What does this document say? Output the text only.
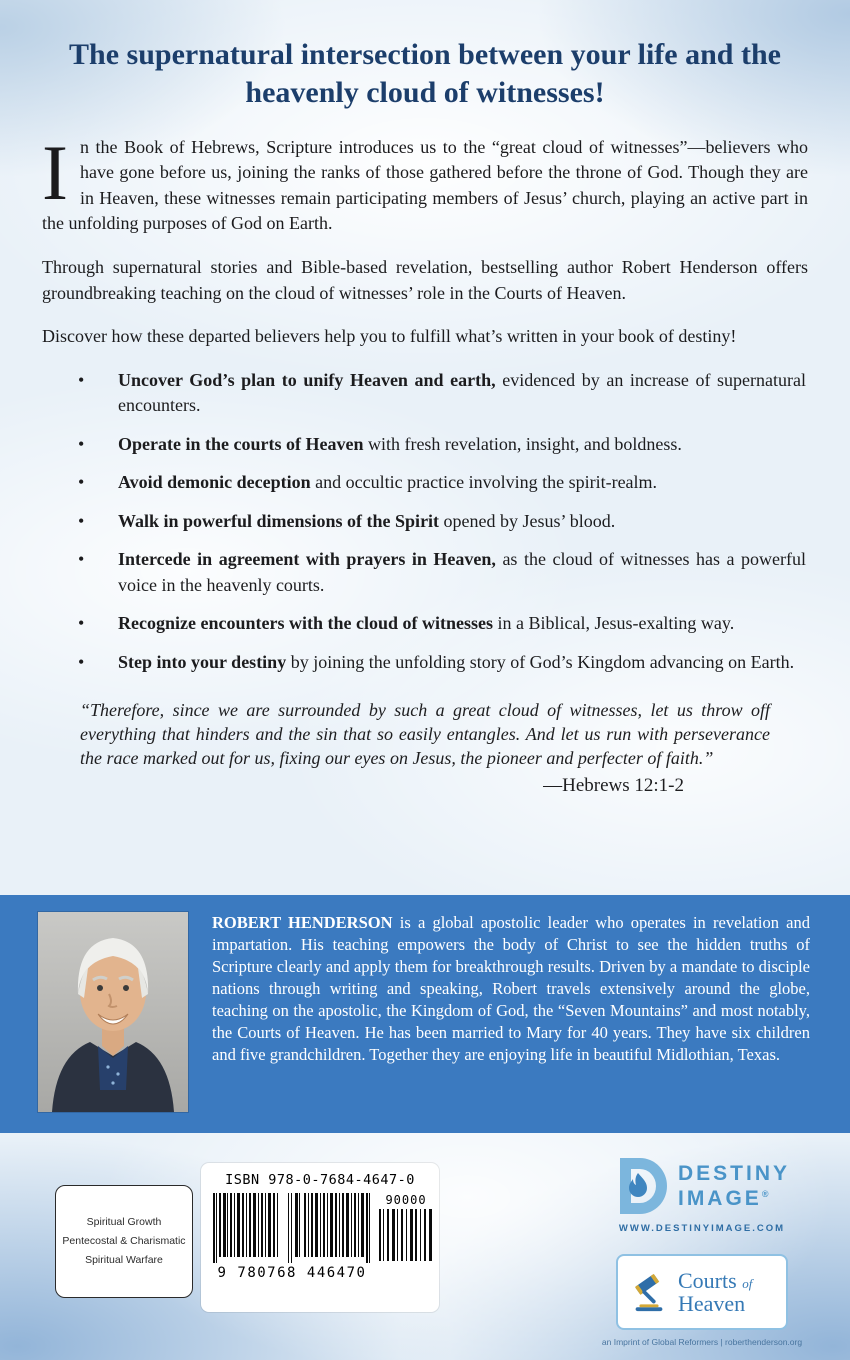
The supernatural intersection between your life and the heavenly cloud of witnesses!

In the Book of Hebrews, Scripture introduces us to the “great cloud of witnesses”—believers who have gone before us, joining the ranks of those gathered before the throne of God. Though they are in Heaven, these witnesses remain participating members of Jesus’ church, playing an active part in the unfolding purposes of God on Earth.

Through supernatural stories and Bible-based revelation, bestselling author Robert Henderson offers groundbreaking teaching on the cloud of witnesses’ role in the Courts of Heaven.

Discover how these departed believers help you to fulfill what’s written in your book of destiny!

• Uncover God’s plan to unify Heaven and earth, evidenced by an increase of supernatural encounters.
• Operate in the courts of Heaven with fresh revelation, insight, and boldness.
• Avoid demonic deception and occultic practice involving the spirit-realm.
• Walk in powerful dimensions of the Spirit opened by Jesus’ blood.
• Intercede in agreement with prayers in Heaven, as the cloud of witnesses has a powerful voice in the heavenly courts.
• Recognize encounters with the cloud of witnesses in a Biblical, Jesus-exalting way.
• Step into your destiny by joining the unfolding story of God’s Kingdom advancing on Earth.

“Therefore, since we are surrounded by such a great cloud of witnesses, let us throw off everything that hinders and the sin that so easily entangles. And let us run with perseverance the race marked out for us, fixing our eyes on Jesus, the pioneer and perfecter of faith.”

—Hebrews 12:1-2

ROBERT HENDERSON is a global apostolic leader who operates in revelation and impartation. His teaching empowers the body of Christ to see the hidden truths of Scripture clearly and apply them for breakthrough results. Driven by a mandate to disciple nations through writing and speaking, Robert travels extensively around the globe, teaching on the apostolic, the Kingdom of God, the “Seven Mountains” and most notably, the Courts of Heaven. He has been married to Mary for 40 years. They have six children and five grandchildren. Together they are enjoying life in beautiful Midlothian, Texas.

Spiritual Growth
Pentecostal & Charismatic
Spiritual Warfare
ISBN 978-0-7684-4647-0
9 780768 446470
90000
DESTINY
IMAGE®
WWW.DESTINYIMAGE.COM
Courts of
Heaven
an Imprint of Global Reformers | roberthenderson.org
